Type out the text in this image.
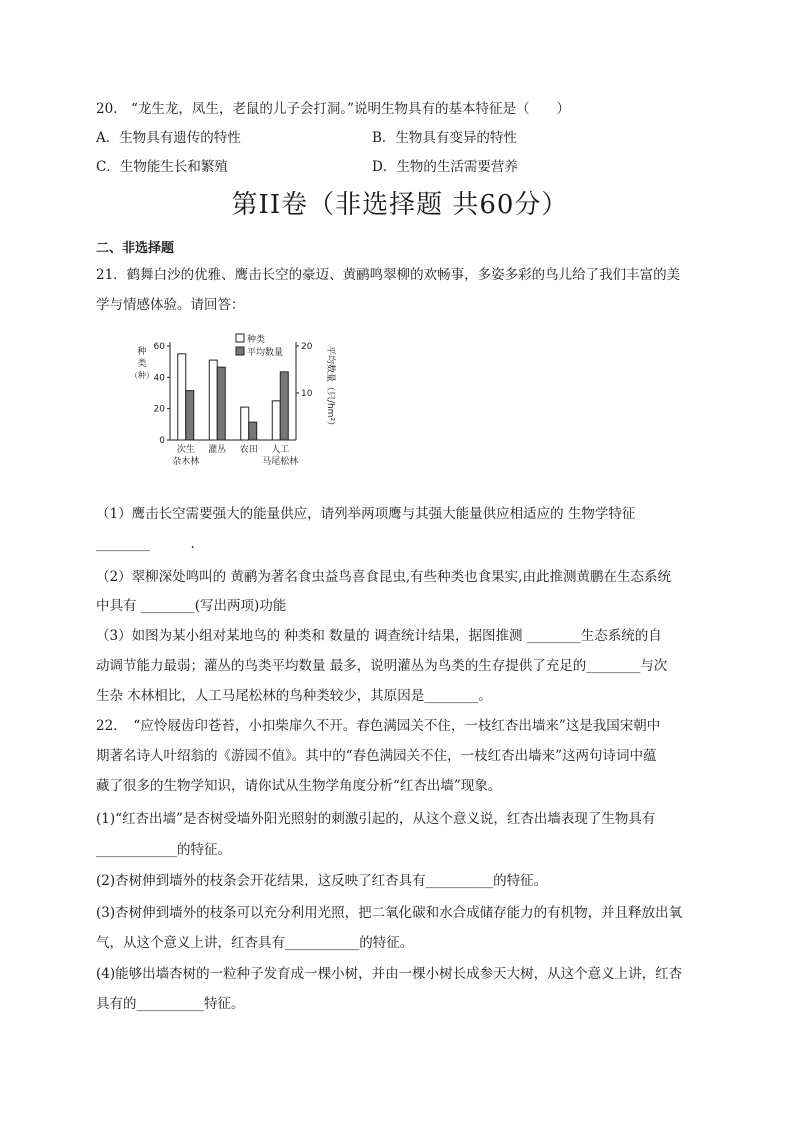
20.　“龙生龙，凤生，老鼠的儿子会打洞。”说明生物具有的基本特征是（　　）
A．生物具有遗传的特性	B．生物具有变异的特性
C．生物能生长和繁殖	D．生物的生活需要营养
第II卷（非选择题 共60分）
二、非选择题
21．鹤舞白沙的优雅、鹰击长空的豪迈、黄鹂鸣翠柳的欢畅事，多姿多彩的鸟儿给了我们丰富的美
学与情感体验。请回答：
0
20
40
60
10
20
种
类
（种）	平均数量（只/hm²）
次生
杂木林
灌丛 农田 人工
马尾松林
种类
平均数量
（1）鹰击长空需要强大的能量供应，请列举两项鹰与其强大能量供应相适应的 生物学特征
________　　　.
（2）翠柳深处鸣叫的 黄鹂为著名食虫益鸟喜食昆虫,有些种类也食果实,由此推测黄鹏在生态系统
中具有 ________(写出两项)功能
（3）如图为某小组对某地鸟的 种类和 数量的 调查统计结果，据图推测 ________生态系统的自
动调节能力最弱；灌丛的鸟类平均数量 最多，说明灌丛为鸟类的生存提供了充足的________与次
生杂 木林相比，人工马尾松林的鸟种类较少，其原因是________。
22．　“应怜屐齿印苍苔，小扣柴扉久不开。春色满园关不住，一枝红杏出墙来”这是我国宋朝中
期著名诗人叶绍翁的《游园不值》。其中的“春色满园关不住，一枝红杏出墙来”这两句诗词中蕴
藏了很多的生物学知识，请你试从生物学角度分析“红杏出墙”现象。
(1)“红杏出墙”是杏树受墙外阳光照射的刺激引起的，从这个意义说，红杏出墙表现了生物具有
____________的特征。
(2)杏树伸到墙外的枝条会开花结果，这反映了红杏具有__________的特征。
(3)杏树伸到墙外的枝条可以充分利用光照，把二氧化碳和水合成储存能力的有机物，并且释放出氧
气，从这个意义上讲，红杏具有___________的特征。
(4)能够出墙杏树的一粒种子发育成一棵小树，并由一棵小树长成参天大树，从这个意义上讲，红杏
具有的__________特征。
